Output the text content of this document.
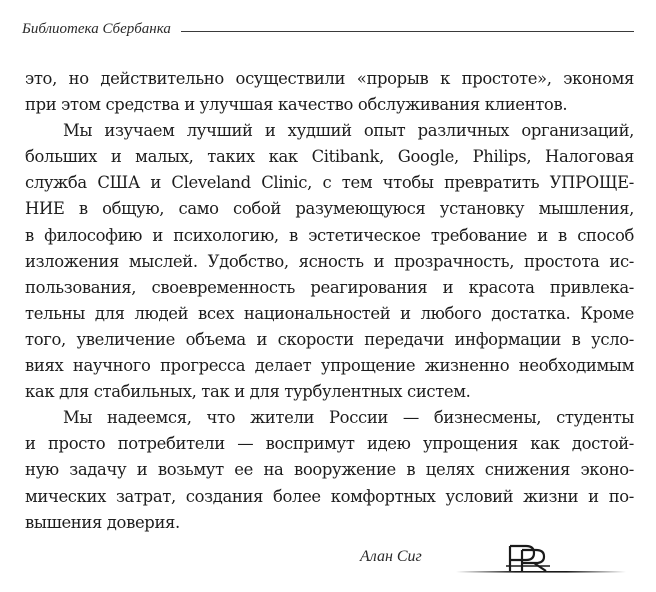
Библиотека Сбербанка
это, но действительно осуществили «прорыв к простоте», экономя
при этом средства и улучшая качество обслуживания клиентов.
Мы изучаем лучший и худший опыт различных организаций,
больших и малых, таких как Citibank, Google, Philips, Налоговая
служба США и Cleveland Clinic, с тем чтобы превратить УПРОЩЕ-
НИЕ в общую, само собой разумеющуюся установку мышления,
в философию и психологию, в эстетическое требование и в способ
изложения мыслей. Удобство, ясность и прозрачность, простота ис-
пользования, своевременность реагирования и красота привлека-
тельны для людей всех национальностей и любого достатка. Кроме
того, увеличение объема и скорости передачи информации в усло-
виях научного прогресса делает упрощение жизненно необходимым
как для стабильных, так и для турбулентных систем.
Мы надеемся, что жители России — бизнесмены, студенты
и просто потребители — воспримут идею упрощения как достой-
ную задачу и возьмут ее на вооружение в целях снижения эконо-
мических затрат, создания более комфортных условий жизни и по-
вышения доверия.
Алан Сиг
